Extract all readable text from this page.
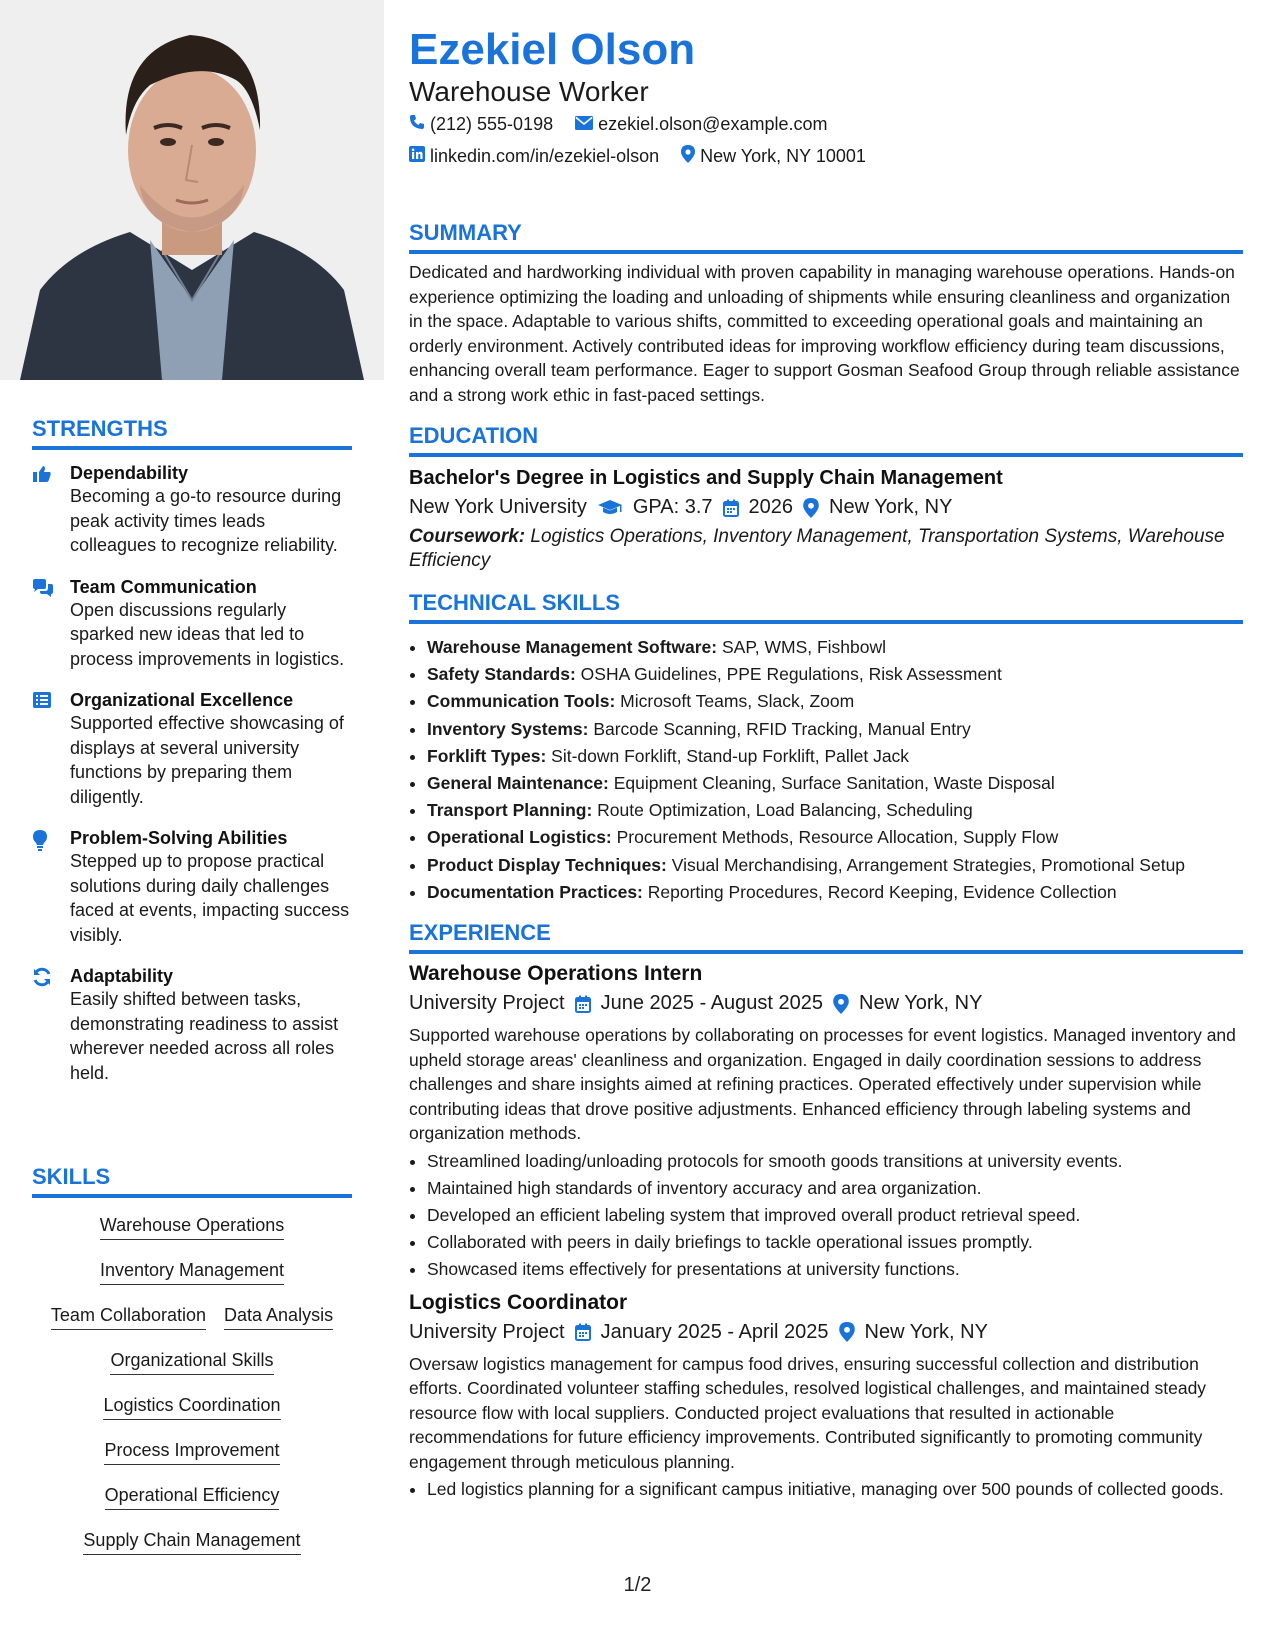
STRENGTHS
Dependability
Becoming a go-to resource during peak activity times leads colleagues to recognize reliability.
Team Communication
Open discussions regularly sparked new ideas that led to process improvements in logistics.
Organizational Excellence
Supported effective showcasing of displays at several university functions by preparing them diligently.
Problem-Solving Abilities
Stepped up to propose practical solutions during daily challenges faced at events, impacting success visibly.
Adaptability
Easily shifted between tasks, demonstrating readiness to assist wherever needed across all roles held.
SKILLS
Warehouse Operations
Inventory Management
Team Collaboration Data Analysis
Organizational Skills
Logistics Coordination
Process Improvement
Operational Efficiency
Supply Chain Management
Ezekiel Olson
Warehouse Worker
(212) 555-0198	ezekiel.olson@example.com
linkedin.com/in/ezekiel-olson New York, NY 10001
SUMMARY
Dedicated and hardworking individual with proven capability in managing warehouse operations. Hands-on experience optimizing the loading and unloading of shipments while ensuring cleanliness and organization in the space. Adaptable to various shifts, committed to exceeding operational goals and maintaining an orderly environment. Actively contributed ideas for improving workflow efficiency during team discussions, enhancing overall team performance. Eager to support Gosman Seafood Group through reliable assistance and a strong work ethic in fast-paced settings.
EDUCATION
Bachelor's Degree in Logistics and Supply Chain Management
New York University GPA: 3.7 2026 New York, NY
Coursework: Logistics Operations, Inventory Management, Transportation Systems, Warehouse Efficiency
TECHNICAL SKILLS
• Warehouse Management Software: SAP, WMS, Fishbowl
• Safety Standards: OSHA Guidelines, PPE Regulations, Risk Assessment
• Communication Tools: Microsoft Teams, Slack, Zoom
• Inventory Systems: Barcode Scanning, RFID Tracking, Manual Entry
• Forklift Types: Sit-down Forklift, Stand-up Forklift, Pallet Jack
• General Maintenance: Equipment Cleaning, Surface Sanitation, Waste Disposal
• Transport Planning: Route Optimization, Load Balancing, Scheduling
• Operational Logistics: Procurement Methods, Resource Allocation, Supply Flow
• Product Display Techniques: Visual Merchandising, Arrangement Strategies, Promotional Setup
• Documentation Practices: Reporting Procedures, Record Keeping, Evidence Collection
EXPERIENCE
Warehouse Operations Intern
University Project June 2025 - August 2025 New York, NY
Supported warehouse operations by collaborating on processes for event logistics. Managed inventory and upheld storage areas' cleanliness and organization. Engaged in daily coordination sessions to address challenges and share insights aimed at refining practices. Operated effectively under supervision while contributing ideas that drove positive adjustments. Enhanced efficiency through labeling systems and organization methods.
• Streamlined loading/unloading protocols for smooth goods transitions at university events.
• Maintained high standards of inventory accuracy and area organization.
• Developed an efficient labeling system that improved overall product retrieval speed.
• Collaborated with peers in daily briefings to tackle operational issues promptly.
• Showcased items effectively for presentations at university functions.
Logistics Coordinator
University Project January 2025 - April 2025 New York, NY
Oversaw logistics management for campus food drives, ensuring successful collection and distribution efforts. Coordinated volunteer staffing schedules, resolved logistical challenges, and maintained steady resource flow with local suppliers. Conducted project evaluations that resulted in actionable recommendations for future efficiency improvements. Contributed significantly to promoting community engagement through meticulous planning.
• Led logistics planning for a significant campus initiative, managing over 500 pounds of collected goods.
1/2
